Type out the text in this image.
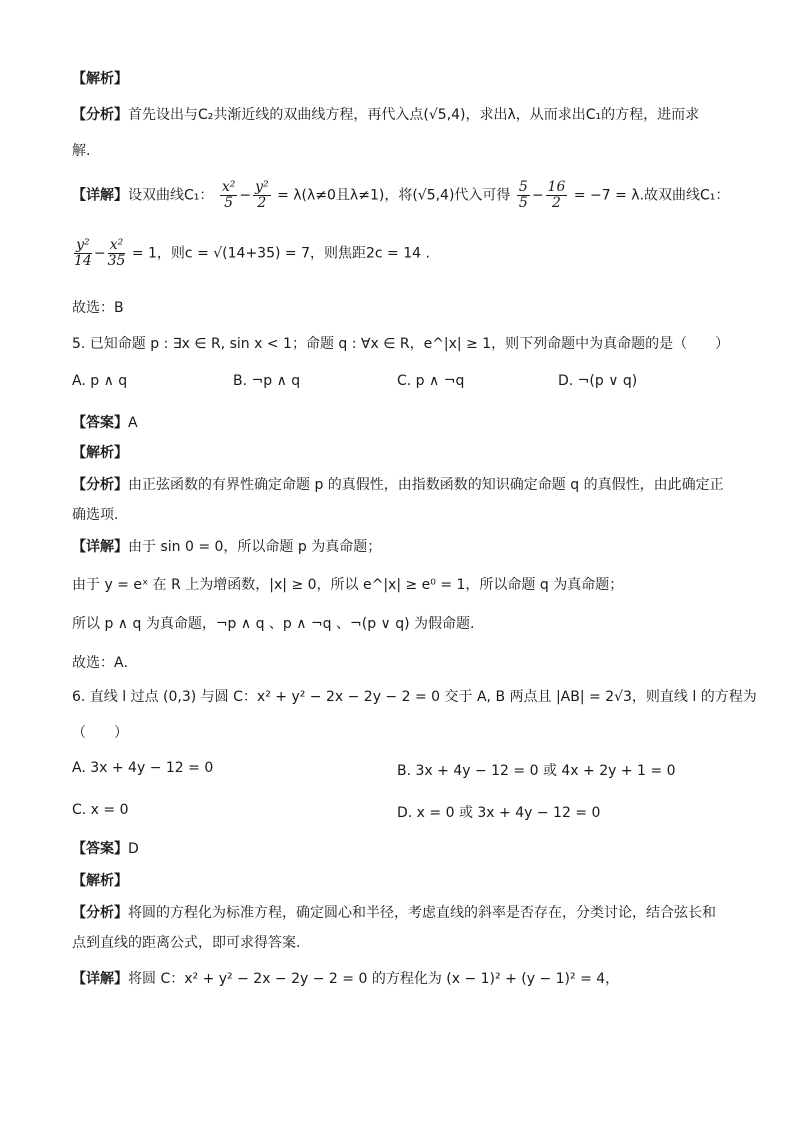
【解析】
【分析】首先设出与C₂共渐近线的双曲线方程，再代入点(√5,4)，求出λ，从而求出C₁的方程，进而求
解.
【详解】设双曲线C₁： $\frac{\text{x²}}{5} - \frac{\text{y²}}{2} = \lambda(\lambda\ne 0$且λ≠1)，将(√5,4)代入可得 $\frac{5}{5} - \frac{16}{2} = -7 = \lambda$.故双曲线C₁：
$\frac{\text{y²}}{14} - \frac{\text{x²}}{35} = 1$，则c = √(14+35) = 7，则焦距2c = 14 .
故选：B
5. 已知命题 p : ∃x ∈ R, sin x < 1；命题 q : ∀x ∈ R，e^|x| ≥ 1，则下列命题中为真命题的是（　　）
A. p ∧ q	B. ¬p ∧ q	C. p ∧ ¬q	D. ¬(p ∨ q)
【答案】A
【解析】
【分析】由正弦函数的有界性确定命题 p 的真假性，由指数函数的知识确定命题 q 的真假性，由此确定正
确选项.
【详解】由于 sin 0 = 0，所以命题 p 为真命题；
由于 y = eˣ 在 R 上为增函数，|x| ≥ 0，所以 e^|x| ≥ e⁰ = 1，所以命题 q 为真命题；
所以 p ∧ q 为真命题，¬p ∧ q 、p ∧ ¬q 、¬(p ∨ q) 为假命题.
故选：A．
6. 直线 l 过点 (0,3) 与圆 C：x² + y² − 2x − 2y − 2 = 0 交于 A, B 两点且 |AB| = 2√3，则直线 l 的方程为
（　　）
A. 3x + 4y − 12 = 0	B. 3x + 4y − 12 = 0 或 4x + 2y + 1 = 0
C. x = 0	D. x = 0 或 3x + 4y − 12 = 0
【答案】D
【解析】
【分析】将圆的方程化为标准方程，确定圆心和半径，考虑直线的斜率是否存在，分类讨论，结合弦长和
点到直线的距离公式，即可求得答案.
【详解】将圆 C：x² + y² − 2x − 2y − 2 = 0 的方程化为 (x − 1)² + (y − 1)² = 4，
